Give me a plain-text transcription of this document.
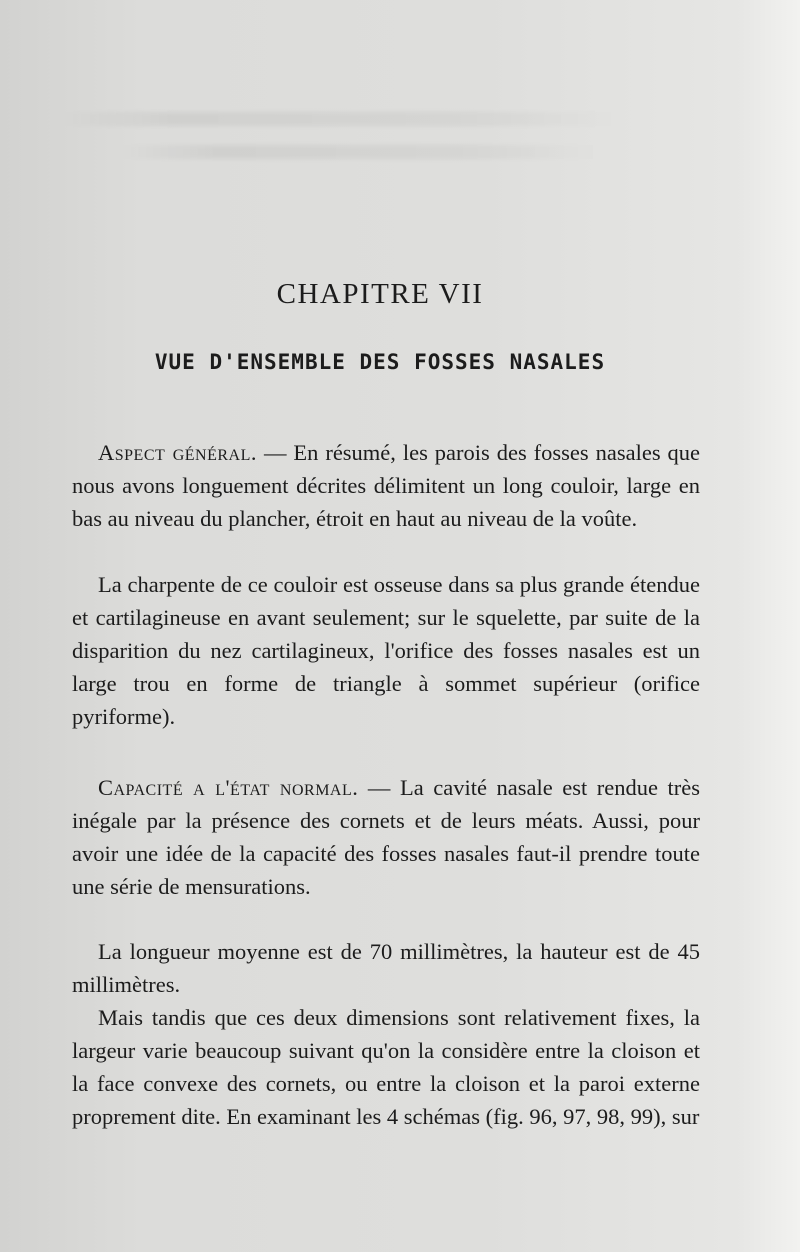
CHAPITRE VII
VUE D'ENSEMBLE DES FOSSES NASALES

Aspect général. — En résumé, les parois des fosses nasales que nous avons longuement décrites délimitent un long couloir, large en bas au niveau du plancher, étroit en haut au niveau de la voûte.

La charpente de ce couloir est osseuse dans sa plus grande étendue et cartilagineuse en avant seulement; sur le squelette, par suite de la disparition du nez cartilagineux, l'orifice des fosses nasales est un large trou en forme de triangle à sommet supérieur (orifice pyriforme).

Capacité a l'état normal. — La cavité nasale est rendue très inégale par la présence des cornets et de leurs méats. Aussi, pour avoir une idée de la capacité des fosses nasales faut-il prendre toute une série de mensurations.

La longueur moyenne est de 70 millimètres, la hauteur est de 45 millimètres.

Mais tandis que ces deux dimensions sont relativement fixes, la largeur varie beaucoup suivant qu'on la considère entre la cloison et la face convexe des cornets, ou entre la cloison et la paroi externe proprement dite. En examinant les 4 schémas (fig. 96, 97, 98, 99), sur
